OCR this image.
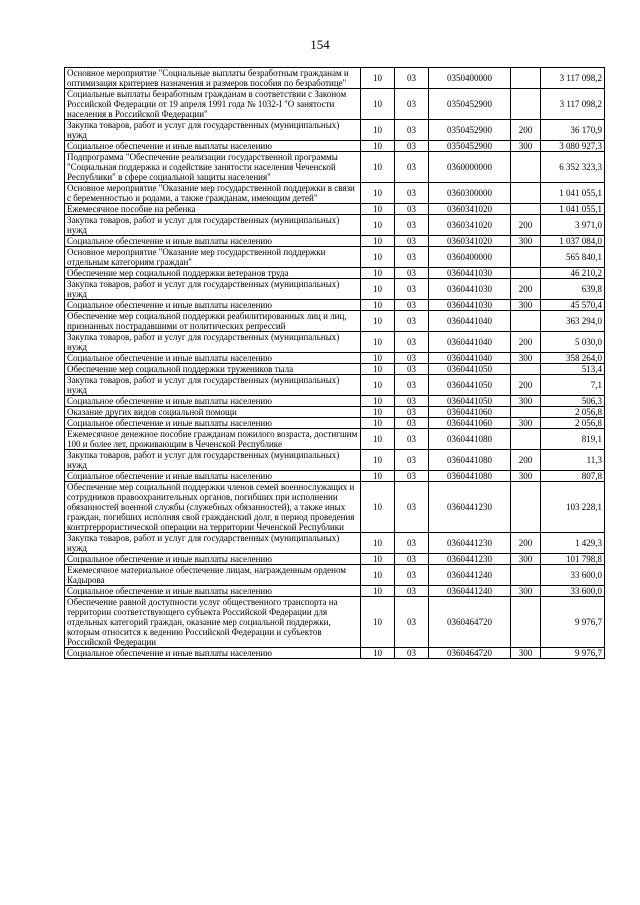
154
Основное мероприятие "Социальные выплаты безработным гражданам и оптимизация критериев назначения и размеров пособия по безработице"	10	03	0350400000		3 117 098,2
Социальные выплаты безработным гражданам в соответствии с Законом Российской Федерации от 19 апреля 1991 года № 1032-I "О занятости населения в Российской Федерации"	10	03	0350452900		3 117 098,2
Закупка товаров, работ и услуг для государственных (муниципальных) нужд	10	03	0350452900	200	36 170,9
Социальное обеспечение и иные выплаты населению	10	03	0350452900	300	3 080 927,3
Подпрограмма "Обеспечение реализации государственной программы "Социальная поддержка и содействие занятости населения Чеченской Республики" в сфере социальной защиты населения"	10	03	0360000000		6 352 323,3
Основное мероприятие "Оказание мер государственной поддержки в связи с беременностью и родами, а также гражданам, имеющим детей"	10	03	0360300000		1 041 055,1
Ежемесячное пособие на ребенка	10	03	0360341020		1 041 055,1
Закупка товаров, работ и услуг для государственных (муниципальных) нужд	10	03	0360341020	200	3 971,0
Социальное обеспечение и иные выплаты населению	10	03	0360341020	300	1 037 084,0
Основное мероприятие "Оказание мер государственной поддержки отдельным категориям граждан"	10	03	0360400000		565 840,1
Обеспечение мер социальной поддержки ветеранов труда	10	03	0360441030		46 210,2
Закупка товаров, работ и услуг для государственных (муниципальных) нужд	10	03	0360441030	200	639,8
Социальное обеспечение и иные выплаты населению	10	03	0360441030	300	45 570,4
Обеспечение мер социальной поддержки реабилитированных лиц и лиц, признанных пострадавшими от политических репрессий	10	03	0360441040		363 294,0
Закупка товаров, работ и услуг для государственных (муниципальных) нужд	10	03	0360441040	200	5 030,0
Социальное обеспечение и иные выплаты населению	10	03	0360441040	300	358 264,0
Обеспечение мер социальной поддержки тружеников тыла	10	03	0360441050		513,4
Закупка товаров, работ и услуг для государственных (муниципальных) нужд	10	03	0360441050	200	7,1
Социальное обеспечение и иные выплаты населению	10	03	0360441050	300	506,3
Оказание других видов социальной помощи	10	03	0360441060		2 056,8
Социальное обеспечение и иные выплаты населению	10	03	0360441060	300	2 056,8
Ежемесячное денежное пособие гражданам пожилого возраста, достигшим 100 и более лет, проживающим в Чеченской Республике	10	03	0360441080		819,1
Закупка товаров, работ и услуг для государственных (муниципальных) нужд	10	03	0360441080	200	11,3
Социальное обеспечение и иные выплаты населению	10	03	0360441080	300	807,8
Обеспечение мер социальной поддержки членов семей военнослужащих и сотрудников правоохранительных органов, погибших при исполнении обязанностей военной службы (служебных обязанностей), а также иных граждан, погибших исполняя свой гражданский долг, в период проведения контртеррористической операции на территории Чеченской Республики	10	03	0360441230		103 228,1
Закупка товаров, работ и услуг для государственных (муниципальных) нужд	10	03	0360441230	200	1 429,3
Социальное обеспечение и иные выплаты населению	10	03	0360441230	300	101 798,8
Ежемесячное материальное обеспечение лицам, награжденным орденом Кадырова	10	03	0360441240		33 600,0
Социальное обеспечение и иные выплаты населению	10	03	0360441240	300	33 600,0
Обеспечение равной доступности услуг общественного транспорта на территории соответствующего субъекта Российской Федерации для отдельных категорий граждан, оказание мер социальной поддержки, которым относится к ведению Российской Федерации и субъектов Российской Федерации	10	03	0360464720		9 976,7
Социальное обеспечение и иные выплаты населению	10	03	0360464720	300	9 976,7
